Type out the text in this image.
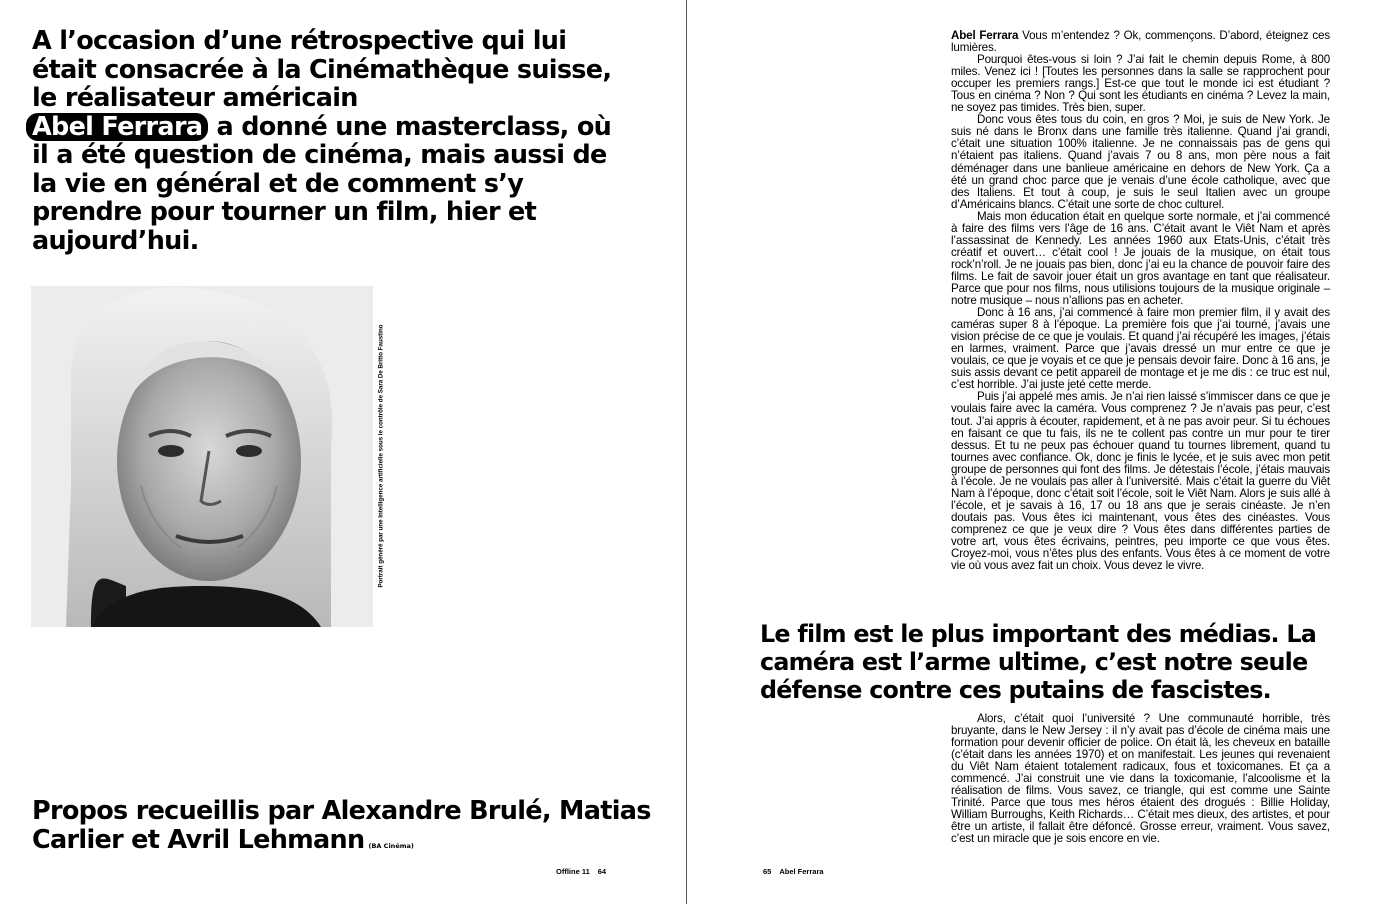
A l’occasion d’une rétrospective qui lui était consacrée à la Cinémathèque suisse, le réalisateur américain
Abel Ferrara a donné une masterclass, où il a été question de cinéma, mais aussi de la vie en général et de comment s’y prendre pour tourner un film, hier et aujourd’hui.
Portrait généré par une Intelligence artificielle sous le contrôle de Sara De Britto Faustino
Propos recueillis par Alexandre Brulé, Matias Carlier et Avril Lehmann (BA Cinéma)
Offline 11 64

Abel Ferrara Vous m’entendez ? Ok, commençons. D’abord, éteignez ces lumières.

Pourquoi êtes-vous si loin ? J’ai fait le chemin depuis Rome, à 800 miles. Venez ici ! [Toutes les personnes dans la salle se rapprochent pour occuper les premiers rangs.] Est-ce que tout le monde ici est étudiant ? Tous en cinéma ? Non ? Qui sont les étudiants en cinéma ? Levez la main, ne soyez pas timides. Très bien, super.

Donc vous êtes tous du coin, en gros ? Moi, je suis de New York. Je suis né dans le Bronx dans une famille très italienne. Quand j’ai grandi, c’était une situation 100% italienne. Je ne connaissais pas de gens qui n’étaient pas italiens. Quand j’avais 7 ou 8 ans, mon père nous a fait déménager dans une banlieue américaine en dehors de New York. Ça a été un grand choc parce que je venais d’une école catholique, avec que des Italiens. Et tout à coup, je suis le seul Italien avec un groupe d’Américains blancs. C’était une sorte de choc culturel.

Mais mon éducation était en quelque sorte normale, et j’ai commencé à faire des films vers l’âge de 16 ans. C’était avant le Viêt Nam et après l’assassinat de Kennedy. Les années 1960 aux Etats-Unis, c’était très créatif et ouvert… c’était cool ! Je jouais de la musique, on était tous rock’n’roll. Je ne jouais pas bien, donc j’ai eu la chance de pouvoir faire des films. Le fait de savoir jouer était un gros avantage en tant que réalisateur. Parce que pour nos films, nous utilisions toujours de la musique originale – notre musique – nous n’allions pas en acheter.

Donc à 16 ans, j’ai commencé à faire mon premier film, il y avait des caméras super 8 à l’époque. La première fois que j’ai tourné, j’avais une vision précise de ce que je voulais. Et quand j’ai récupéré les images, j’étais en larmes, vraiment. Parce que j’avais dressé un mur entre ce que je voulais, ce que je voyais et ce que je pensais devoir faire. Donc à 16 ans, je suis assis devant ce petit appareil de montage et je me dis : ce truc est nul, c’est horrible. J’ai juste jeté cette merde.

Puis j’ai appelé mes amis. Je n’ai rien laissé s’immiscer dans ce que je voulais faire avec la caméra. Vous comprenez ? Je n’avais pas peur, c’est tout. J’ai appris à écouter, rapidement, et à ne pas avoir peur. Si tu échoues en faisant ce que tu fais, ils ne te collent pas contre un mur pour te tirer dessus. Et tu ne peux pas échouer quand tu tournes librement, quand tu tournes avec confiance. Ok, donc je finis le lycée, et je suis avec mon petit groupe de personnes qui font des films. Je détestais l’école, j’étais mauvais à l’école. Je ne voulais pas aller à l’université. Mais c’était la guerre du Viêt Nam à l’époque, donc c’était soit l’école, soit le Viêt Nam. Alors je suis allé à l’école, et je savais à 16, 17 ou 18 ans que je serais cinéaste. Je n’en doutais pas. Vous êtes ici maintenant, vous êtes des cinéastes. Vous comprenez ce que je veux dire ? Vous êtes dans différentes parties de votre art, vous êtes écrivains, peintres, peu importe ce que vous êtes. Croyez-moi, vous n’êtes plus des enfants. Vous êtes à ce moment de votre vie où vous avez fait un choix. Vous devez le vivre.

Le film est le plus important des médias. La caméra est l’arme ultime, c’est notre seule défense contre ces putains de fascistes.

Alors, c’était quoi l’université ? Une communauté horrible, très bruyante, dans le New Jersey : il n’y avait pas d’école de cinéma mais une formation pour devenir officier de police. On était là, les cheveux en bataille (c’était dans les années 1970) et on manifestait. Les jeunes qui revenaient du Viêt Nam étaient totalement radicaux, fous et toxicomanes. Et ça a commencé. J’ai construit une vie dans la toxicomanie, l’alcoolisme et la réalisation de films. Vous savez, ce triangle, qui est comme une Sainte Trinité. Parce que tous mes héros étaient des drogués : Billie Holiday, William Burroughs, Keith Richards… C’était mes dieux, des artistes, et pour être un artiste, il fallait être défoncé. Grosse erreur, vraiment. Vous savez, c’est un miracle que je sois encore en vie.

65 Abel Ferrara
